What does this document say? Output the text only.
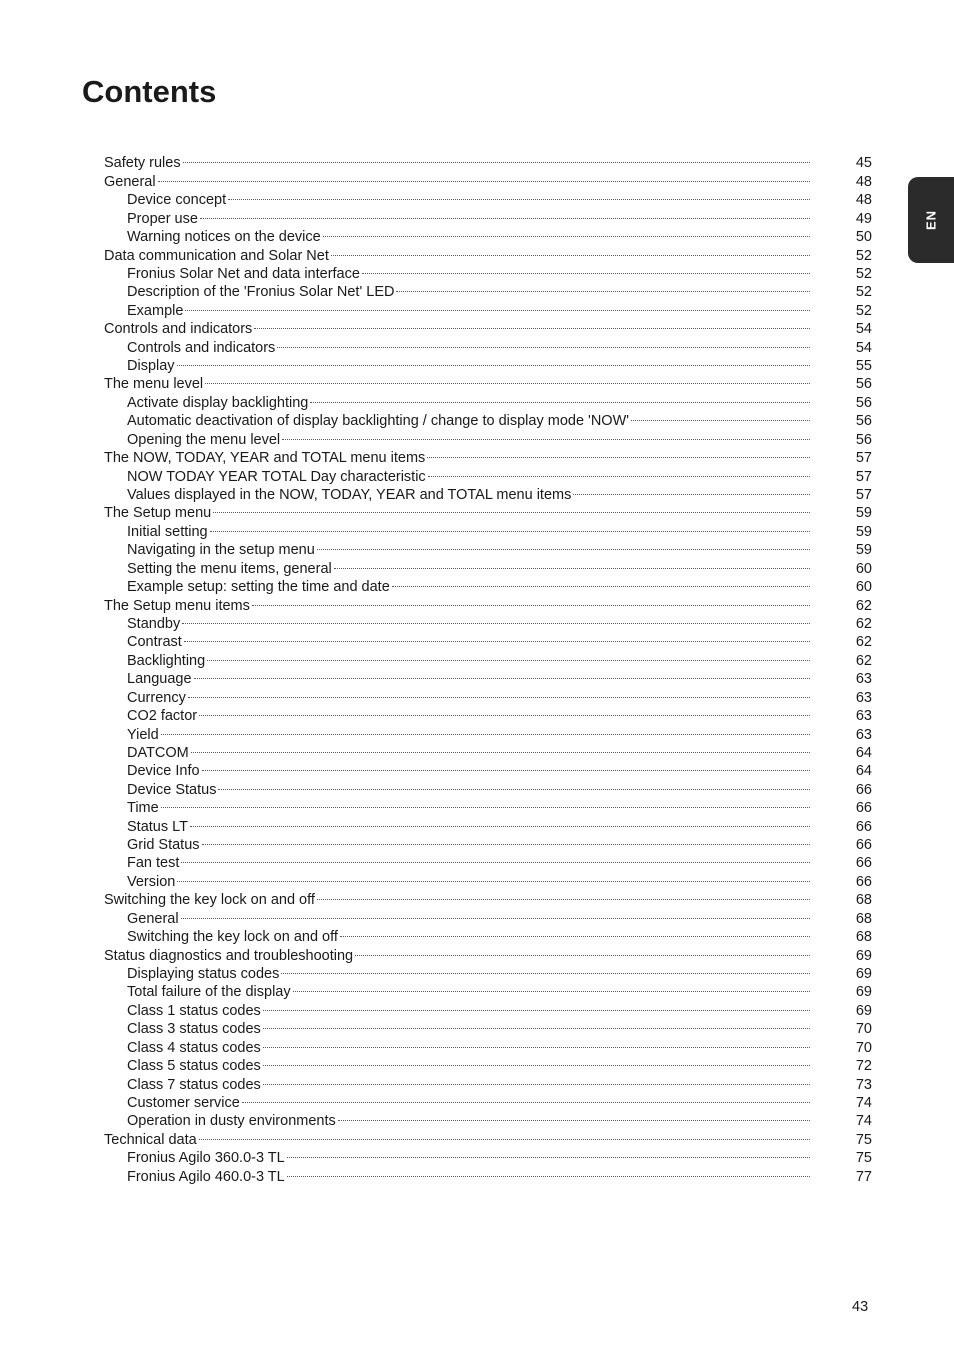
Contents
EN
Safety rules	45
General	48
Device concept	48
Proper use	49
Warning notices on the device	50
Data communication and Solar Net	52
Fronius Solar Net and data interface	52
Description of the 'Fronius Solar Net' LED	52
Example	52
Controls and indicators	54
Controls and indicators	54
Display	55
The menu level	56
Activate display backlighting	56
Automatic deactivation of display backlighting / change to display mode 'NOW'	56
Opening the menu level	56
The NOW, TODAY, YEAR and TOTAL menu items	57
NOW TODAY YEAR TOTAL Day characteristic	57
Values displayed in the NOW, TODAY, YEAR and TOTAL menu items	57
The Setup menu	59
Initial setting	59
Navigating in the setup menu	59
Setting the menu items, general	60
Example setup: setting the time and date	60
The Setup menu items	62
Standby	62
Contrast	62
Backlighting	62
Language	63
Currency	63
CO2 factor	63
Yield	63
DATCOM	64
Device Info	64
Device Status	66
Time	66
Status LT	66
Grid Status	66
Fan test	66
Version	66
Switching the key lock on and off	68
General	68
Switching the key lock on and off	68
Status diagnostics and troubleshooting	69
Displaying status codes	69
Total failure of the display	69
Class 1 status codes	69
Class 3 status codes	70
Class 4 status codes	70
Class 5 status codes	72
Class 7 status codes	73
Customer service	74
Operation in dusty environments	74
Technical data	75
Fronius Agilo 360.0-3 TL	75
Fronius Agilo 460.0-3 TL	77
43
